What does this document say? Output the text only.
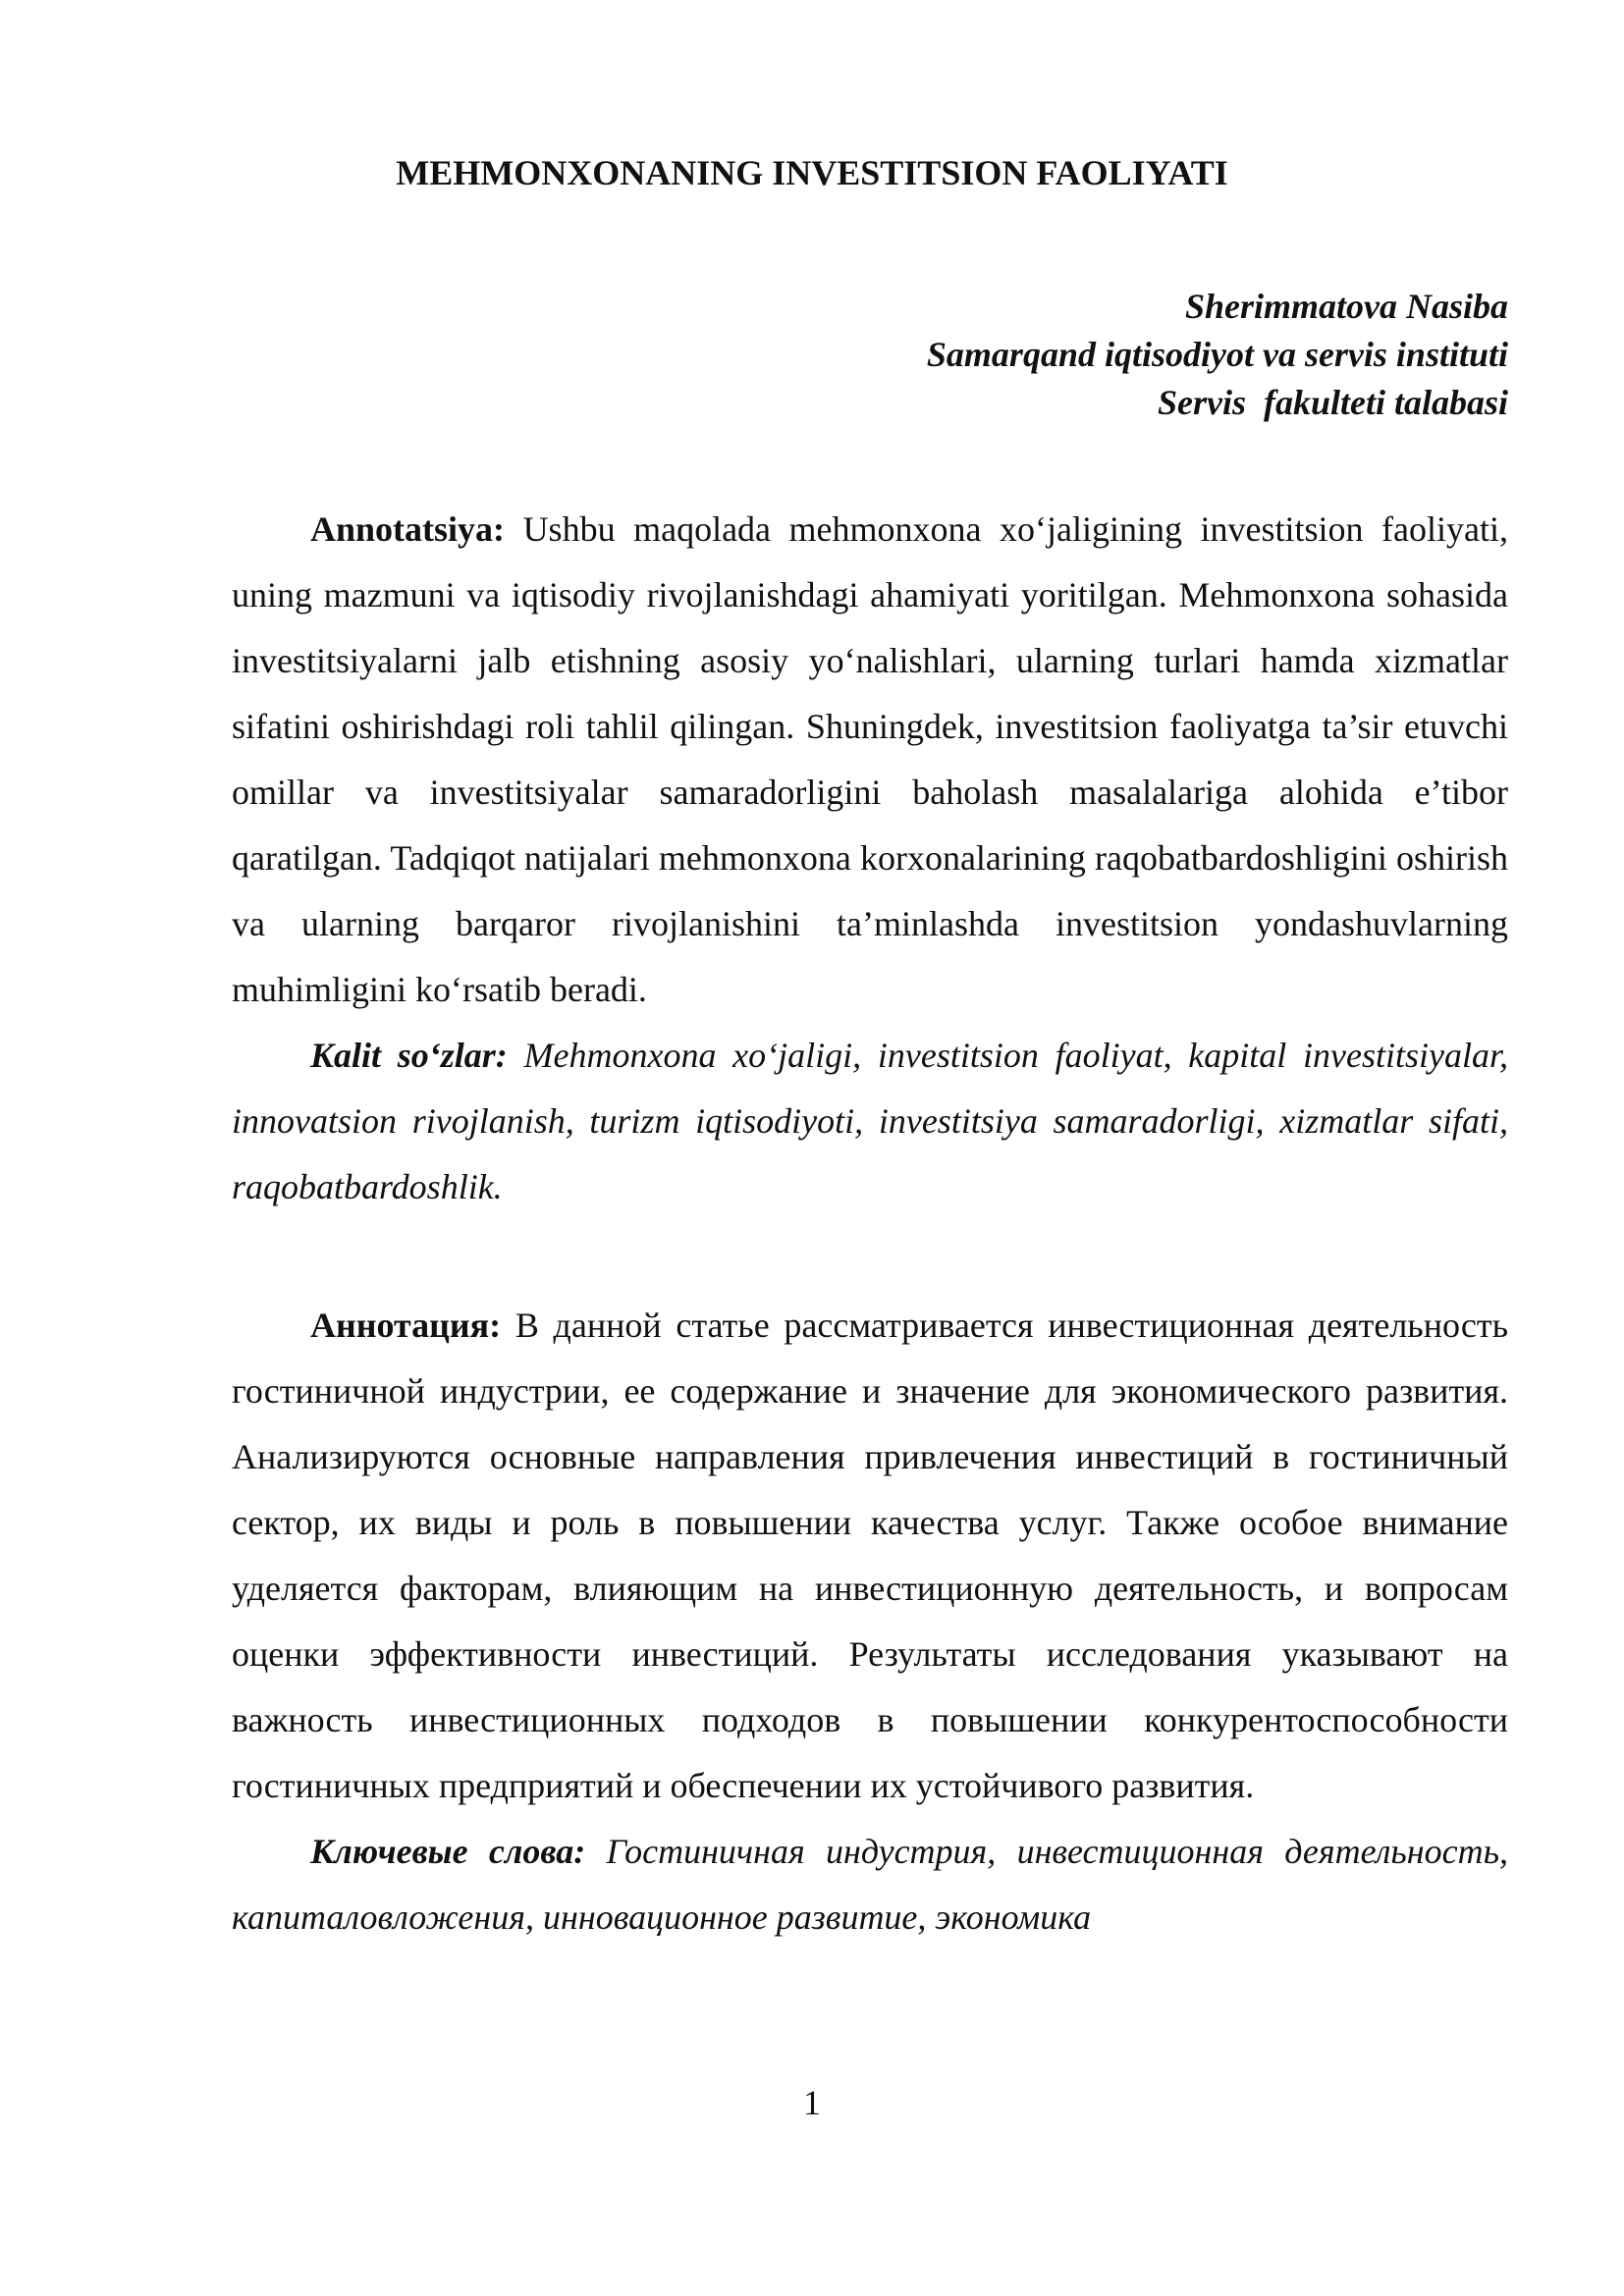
MEHMONXONANING INVESTITSION FAOLIYATI
Sherimmatova Nasiba
Samarqand iqtisodiyot va servis instituti
Servis  fakulteti talabasi

Annotatsiya: Ushbu maqolada mehmonxona xo‘jaligining investitsion faoliyati, uning mazmuni va iqtisodiy rivojlanishdagi ahamiyati yoritilgan. Mehmonxona sohasida investitsiyalarni jalb etishning asosiy yo‘nalishlari, ularning turlari hamda xizmatlar sifatini oshirishdagi roli tahlil qilingan. Shuningdek, investitsion faoliyatga ta’sir etuvchi omillar va investitsiyalar samaradorligini baholash masalalariga alohida e’tibor qaratilgan. Tadqiqot natijalari mehmonxona korxonalarining raqobatbardoshligini oshirish va ularning barqaror rivojlanishini ta’minlashda investitsion yondashuvlarning muhimligini ko‘rsatib beradi.

Kalit so‘zlar: Mehmonxona xo‘jaligi, investitsion faoliyat, kapital investitsiyalar, innovatsion rivojlanish, turizm iqtisodiyoti, investitsiya samaradorligi, xizmatlar sifati, raqobatbardoshlik.

Аннотация: В данной статье рассматривается инвестиционная деятельность гостиничной индустрии, ее содержание и значение для экономического развития. Анализируются основные направления привлечения инвестиций в гостиничный сектор, их виды и роль в повышении качества услуг. Также особое внимание уделяется факторам, влияющим на инвестиционную деятельность, и вопросам оценки эффективности инвестиций. Результаты исследования указывают на важность инвестиционных подходов в повышении конкурентоспособности гостиничных предприятий и обеспечении их устойчивого развития.

Ключевые слова: Гостиничная индустрия, инвестиционная деятельность, капиталовложения, инновационное развитие, экономика

1
